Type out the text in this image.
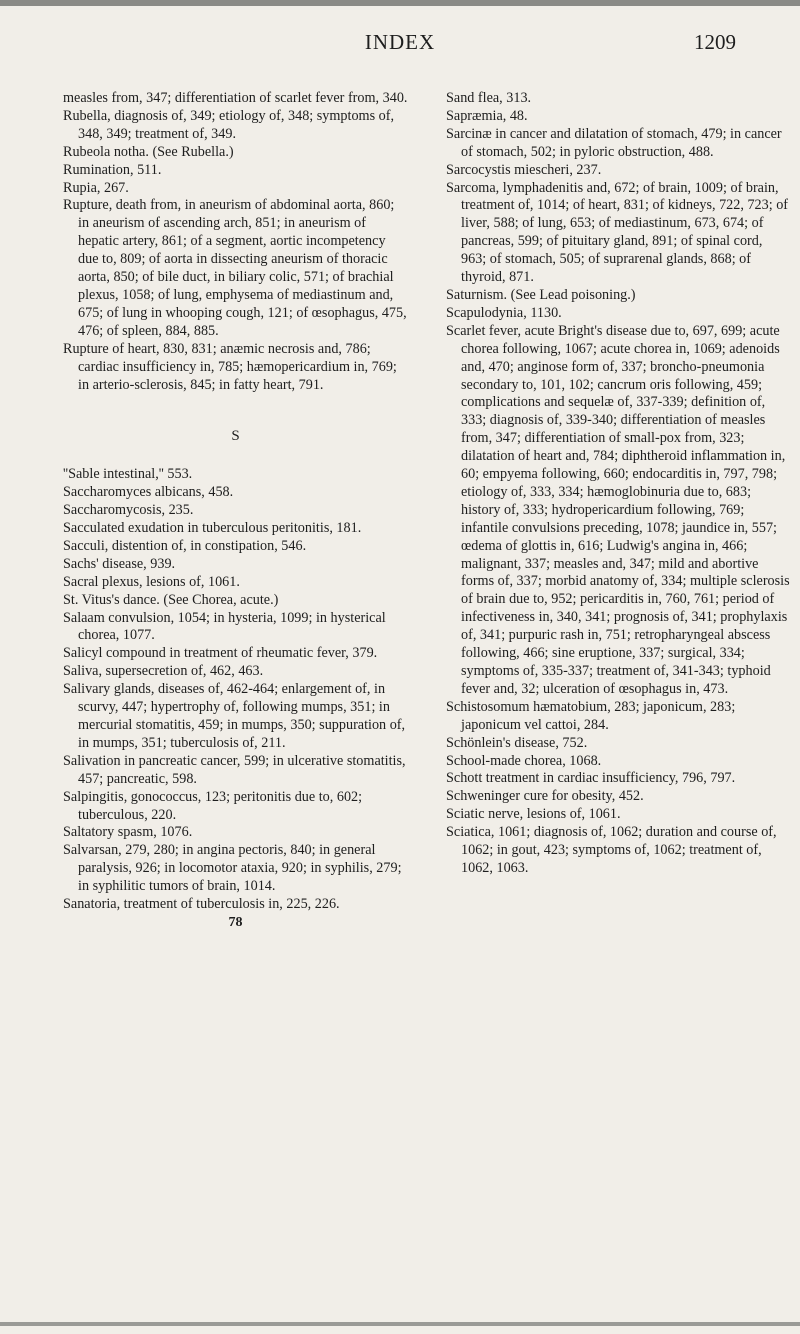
INDEX	1209
measles from, 347; differentiation of scarlet fever from, 340.
Rubella, diagnosis of, 349; etiology of, 348; symptoms of, 348, 349; treatment of, 349.
Rubeola notha. (See Rubella.)
Rumination, 511.
Rupia, 267.
Rupture, death from, in aneurism of abdominal aorta, 860; in aneurism of ascending arch, 851; in aneurism of hepatic artery, 861; of a segment, aortic incompetency due to, 809; of aorta in dissecting aneurism of thoracic aorta, 850; of bile duct, in biliary colic, 571; of brachial plexus, 1058; of lung, emphysema of mediastinum and, 675; of lung in whooping cough, 121; of œsophagus, 475, 476; of spleen, 884, 885.
Rupture of heart, 830, 831; anæmic necrosis and, 786; cardiac insufficiency in, 785; hæmopericardium in, 769; in arterio-sclerosis, 845; in fatty heart, 791.
S
''Sable intestinal,'' 553.
Saccharomyces albicans, 458.
Saccharomycosis, 235.
Sacculated exudation in tuberculous peritonitis, 181.
Sacculi, distention of, in constipation, 546.
Sachs' disease, 939.
Sacral plexus, lesions of, 1061.
St. Vitus's dance. (See Chorea, acute.)
Salaam convulsion, 1054; in hysteria, 1099; in hysterical chorea, 1077.
Salicyl compound in treatment of rheumatic fever, 379.
Saliva, supersecretion of, 462, 463.
Salivary glands, diseases of, 462-464; enlargement of, in scurvy, 447; hypertrophy of, following mumps, 351; in mercurial stomatitis, 459; in mumps, 350; suppuration of, in mumps, 351; tuberculosis of, 211.
Salivation in pancreatic cancer, 599; in ulcerative stomatitis, 457; pancreatic, 598.
Salpingitis, gonococcus, 123; peritonitis due to, 602; tuberculous, 220.
Saltatory spasm, 1076.
Salvarsan, 279, 280; in angina pectoris, 840; in general paralysis, 926; in locomotor ataxia, 920; in syphilis, 279; in syphilitic tumors of brain, 1014.
Sanatoria, treatment of tuberculosis in, 225, 226.
78
Sand flea, 313.
Sapræmia, 48.
Sarcinæ in cancer and dilatation of stomach, 479; in cancer of stomach, 502; in pyloric obstruction, 488.
Sarcocystis miescheri, 237.
Sarcoma, lymphadenitis and, 672; of brain, 1009; of brain, treatment of, 1014; of heart, 831; of kidneys, 722, 723; of liver, 588; of lung, 653; of mediastinum, 673, 674; of pancreas, 599; of pituitary gland, 891; of spinal cord, 963; of stomach, 505; of suprarenal glands, 868; of thyroid, 871.
Saturnism. (See Lead poisoning.)
Scapulodynia, 1130.
Scarlet fever, acute Bright's disease due to, 697, 699; acute chorea following, 1067; acute chorea in, 1069; adenoids and, 470; anginose form of, 337; broncho-pneumonia secondary to, 101, 102; cancrum oris following, 459; complications and sequelæ of, 337-339; definition of, 333; diagnosis of, 339-340; differentiation of measles from, 347; differentiation of small-pox from, 323; dilatation of heart and, 784; diphtheroid inflammation in, 60; empyema following, 660; endocarditis in, 797, 798; etiology of, 333, 334; hæmoglobinuria due to, 683; history of, 333; hydropericardium following, 769; infantile convulsions preceding, 1078; jaundice in, 557; œdema of glottis in, 616; Ludwig's angina in, 466; malignant, 337; measles and, 347; mild and abortive forms of, 337; morbid anatomy of, 334; multiple sclerosis of brain due to, 952; pericarditis in, 760, 761; period of infectiveness in, 340, 341; prognosis of, 341; prophylaxis of, 341; purpuric rash in, 751; retropharyngeal abscess following, 466; sine eruptione, 337; surgical, 334; symptoms of, 335-337; treatment of, 341-343; typhoid fever and, 32; ulceration of œsophagus in, 473.
Schistosomum hæmatobium, 283; japonicum, 283; japonicum vel cattoi, 284.
Schönlein's disease, 752.
School-made chorea, 1068.
Schott treatment in cardiac insufficiency, 796, 797.
Schweninger cure for obesity, 452.
Sciatic nerve, lesions of, 1061.
Sciatica, 1061; diagnosis of, 1062; duration and course of, 1062; in gout, 423; symptoms of, 1062; treatment of, 1062, 1063.
